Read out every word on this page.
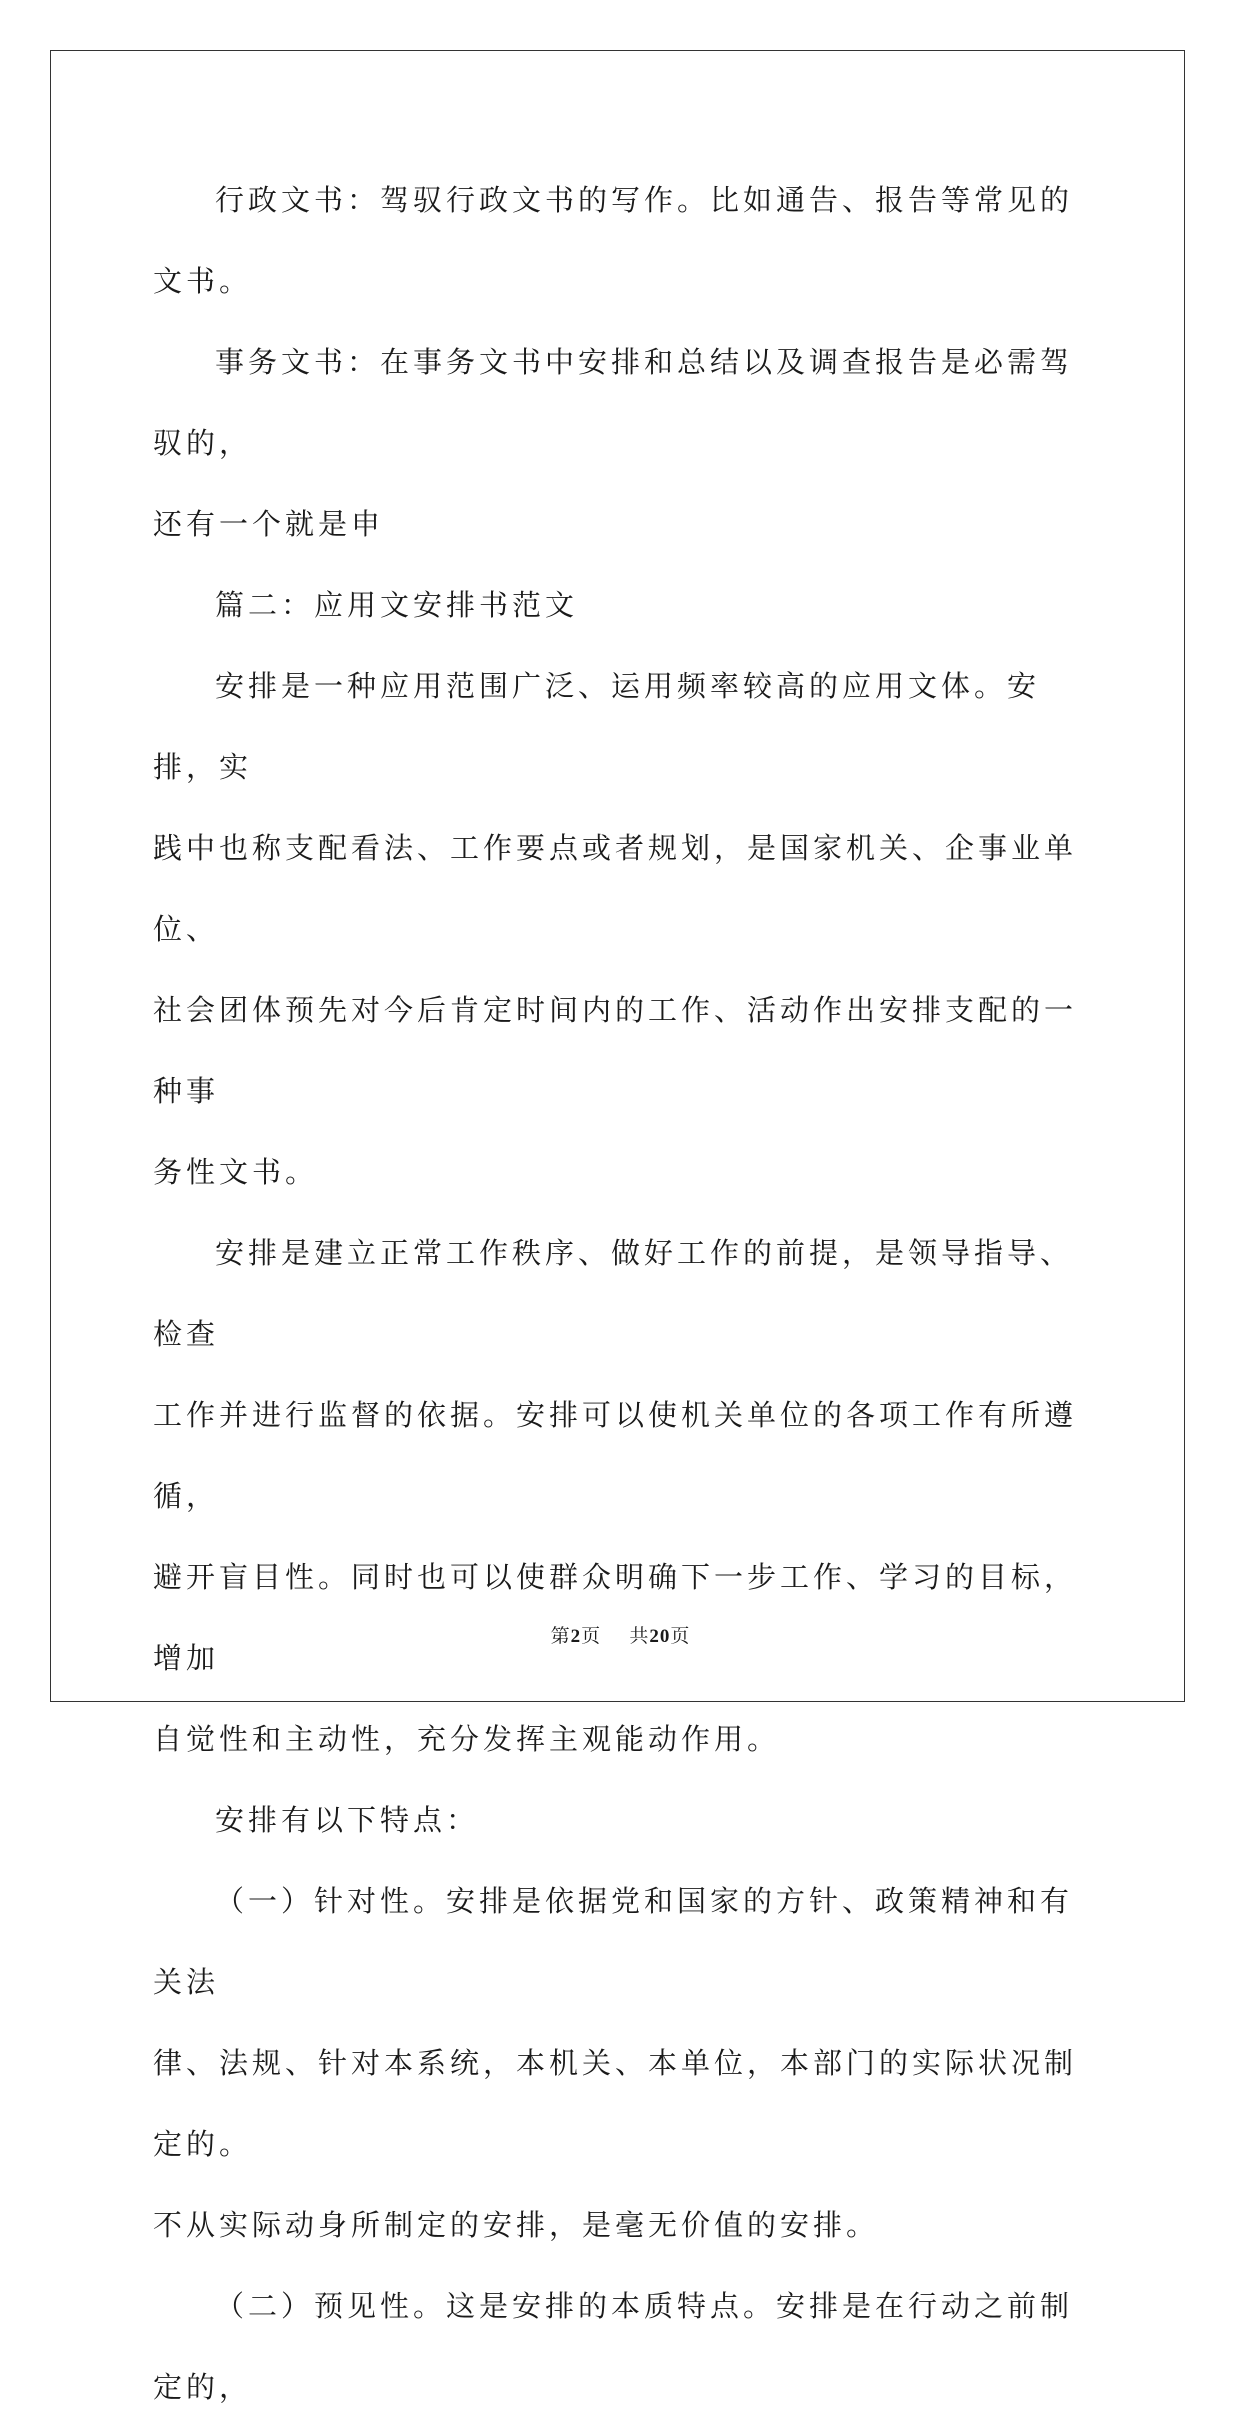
行政文书：驾驭行政文书的写作。比如通告、报告等常见的文书。
事务文书：在事务文书中安排和总结以及调查报告是必需驾驭的，
还有一个就是申
篇二：应用文安排书范文
安排是一种应用范围广泛、运用频率较高的应用文体。安排，实
践中也称支配看法、工作要点或者规划，是国家机关、企事业单位、
社会团体预先对今后肯定时间内的工作、活动作出安排支配的一种事
务性文书。
安排是建立正常工作秩序、做好工作的前提，是领导指导、检查
工作并进行监督的依据。安排可以使机关单位的各项工作有所遵循，
避开盲目性。同时也可以使群众明确下一步工作、学习的目标，增加
自觉性和主动性，充分发挥主观能动作用。
安排有以下特点：
（一）针对性。安排是依据党和国家的方针、政策精神和有关法
律、法规、针对本系统，本机关、本单位，本部门的实际状况制定的。
不从实际动身所制定的安排，是毫无价值的安排。
（二）预见性。这是安排的本质特点。安排是在行动之前制定的，

第2页 共20页
